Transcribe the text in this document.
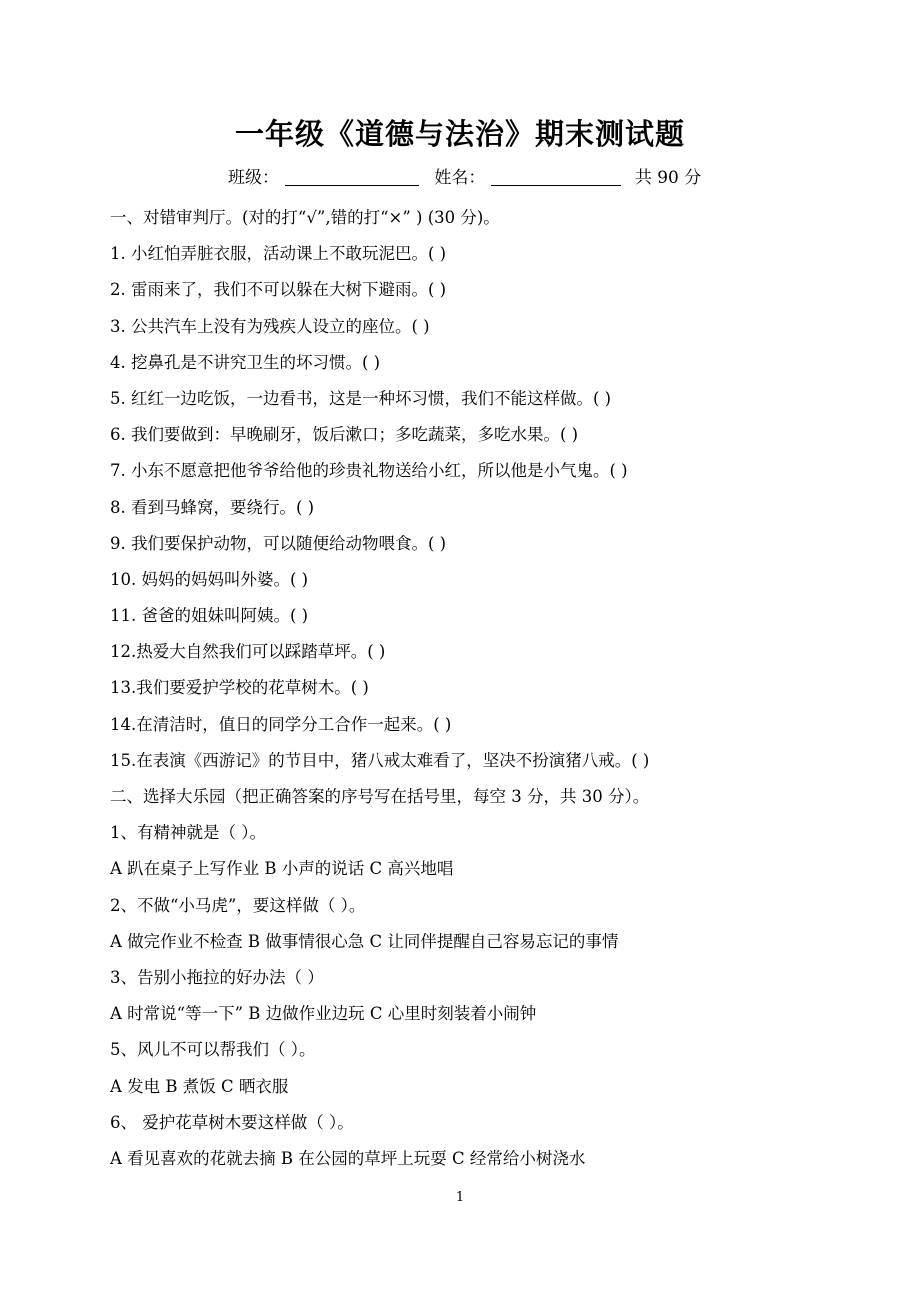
一年级《道德与法治》期末测试题
班级：	姓名：	共 90 分
一、对错审判厅。(对的打“√”,错的打“×” ) (30 分)。
1. 小红怕弄脏衣服，活动课上不敢玩泥巴。( )
2. 雷雨来了，我们不可以躲在大树下避雨。( )
3. 公共汽车上没有为残疾人设立的座位。( )
4. 挖鼻孔是不讲究卫生的坏习惯。( )
5. 红红一边吃饭，一边看书，这是一种坏习惯，我们不能这样做。( )
6. 我们要做到：早晚刷牙，饭后漱口；多吃蔬菜，多吃水果。( )
7. 小东不愿意把他爷爷给他的珍贵礼物送给小红，所以他是小气鬼。( )
8. 看到马蜂窝，要绕行。( )
9. 我们要保护动物，可以随便给动物喂食。( )
10. 妈妈的妈妈叫外婆。( )
11. 爸爸的姐妹叫阿姨。( )
12.热爱大自然我们可以踩踏草坪。( )
13.我们要爱护学校的花草树木。( )
14.在清洁时，值日的同学分工合作一起来。( )
15.在表演《西游记》的节目中，猪八戒太难看了，坚决不扮演猪八戒。( )
二、选择大乐园（把正确答案的序号写在括号里，每空 3 分，共 30 分）。
1、有精神就是（ ）。
A 趴在桌子上写作业 B 小声的说话 C 高兴地唱
2、不做“小马虎”，要这样做（ ）。
A 做完作业不检查 B 做事情很心急 C 让同伴提醒自己容易忘记的事情
3、告别小拖拉的好办法（ ）
A 时常说“等一下” B 边做作业边玩 C 心里时刻装着小闹钟
5、风儿不可以帮我们（ ）。
A 发电 B 煮饭 C 晒衣服
6、 爱护花草树木要这样做（ ）。
A 看见喜欢的花就去摘 B 在公园的草坪上玩耍 C 经常给小树浇水
1
